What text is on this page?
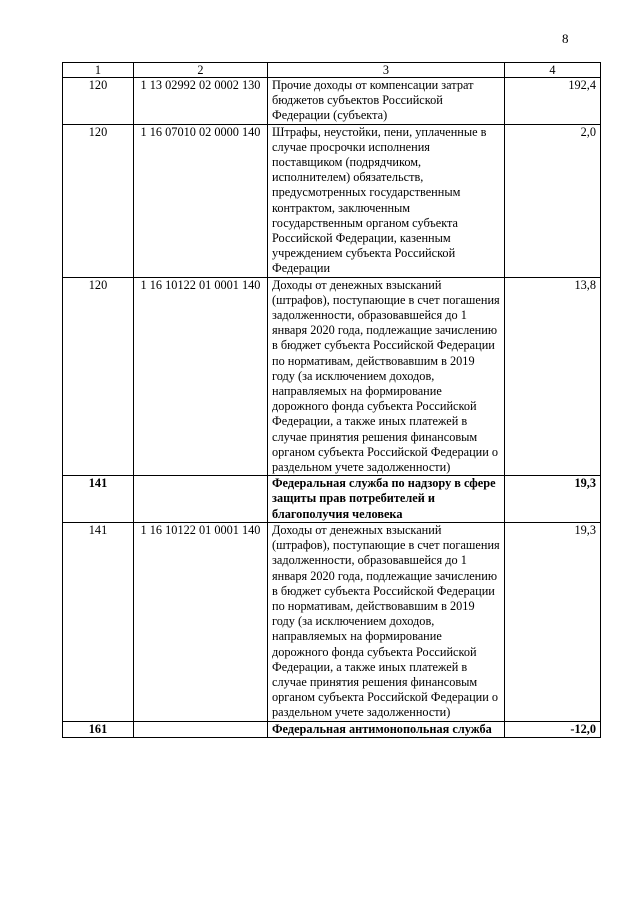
8
1	2	3	4
120	1 13 02992 02 0002 130	Прочие доходы от компенсации затрат бюджетов субъектов Российской Федерации (субъекта)	192,4
120	1 16 07010 02 0000 140	Штрафы, неустойки, пени, уплаченные в случае просрочки исполнения поставщиком (подрядчиком, исполнителем) обязательств, предусмотренных государственным контрактом, заключенным государственным органом субъекта Российской Федерации, казенным учреждением субъекта Российской Федерации	2,0
120	1 16 10122 01 0001 140	Доходы от денежных взысканий (штрафов), поступающие в счет погашения задолженности, образовавшейся до 1 января 2020 года, подлежащие зачислению в бюджет субъекта Российской Федерации по нормативам, действовавшим в 2019 году (за исключением доходов, направляемых на формирование дорожного фонда субъекта Российской Федерации, а также иных платежей в случае принятия решения финансовым органом субъекта Российской Федерации о раздельном учете задолженности)	13,8
141		Федеральная служба по надзору в сфере защиты прав потребителей и благополучия человека	19,3
141	1 16 10122 01 0001 140	Доходы от денежных взысканий (штрафов), поступающие в счет погашения задолженности, образовавшейся до 1 января 2020 года, подлежащие зачислению в бюджет субъекта Российской Федерации по нормативам, действовавшим в 2019 году (за исключением доходов, направляемых на формирование дорожного фонда субъекта Российской Федерации, а также иных платежей в случае принятия решения финансовым органом субъекта Российской Федерации о раздельном учете задолженности)	19,3
161		Федеральная антимонопольная служба	-12,0
